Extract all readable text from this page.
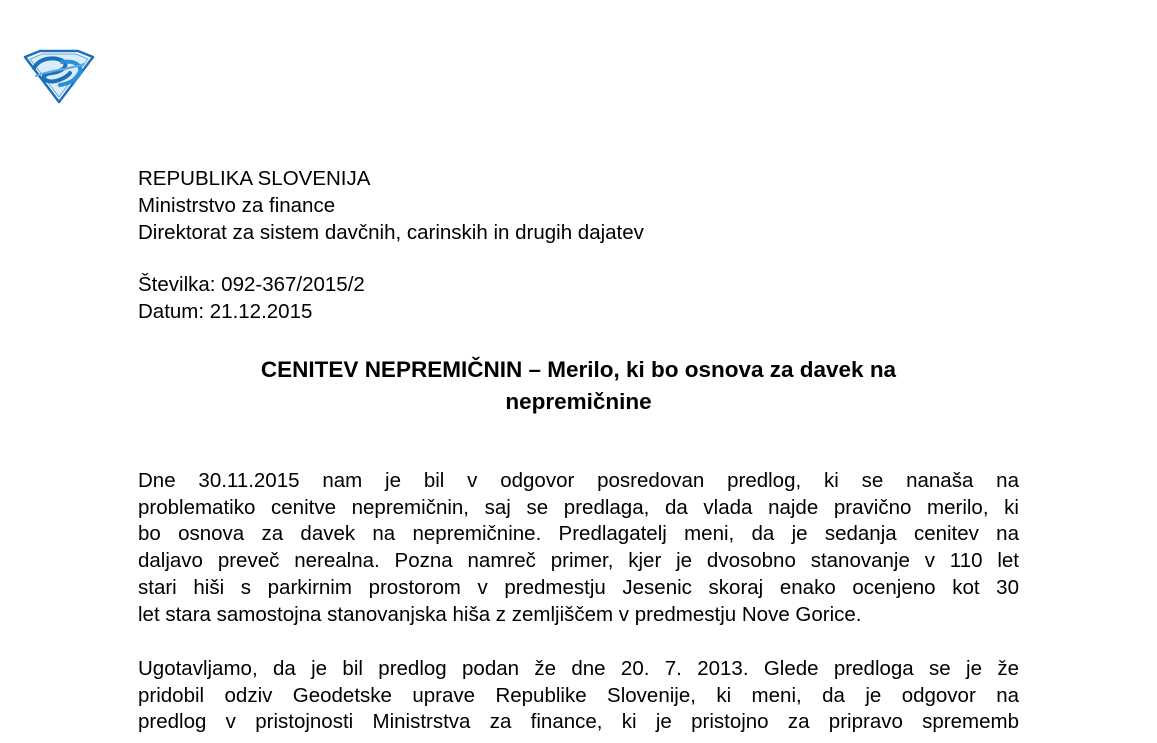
REPUBLIKA SLOVENIJA
Ministrstvo za finance
Direktorat za sistem davčnih, carinskih in drugih dajatev
Številka: 092-367/2015/2
Datum: 21.12.2015
CENITEV NEPREMIČNIN – Merilo, ki bo osnova za davek na
nepremičnine
Dne 30.11.2015 nam je bil v odgovor posredovan predlog, ki se nanaša na
problematiko cenitve nepremičnin, saj se predlaga, da vlada najde pravično merilo, ki
bo osnova za davek na nepremičnine. Predlagatelj meni, da je sedanja cenitev na
daljavo preveč nerealna. Pozna namreč primer, kjer je dvosobno stanovanje v 110 let
stari hiši s parkirnim prostorom v predmestju Jesenic skoraj enako ocenjeno kot 30
let stara samostojna stanovanjska hiša z zemljiščem v predmestju Nove Gorice.
Ugotavljamo, da je bil predlog podan že dne 20. 7. 2013. Glede predloga se je že
pridobil odziv Geodetske uprave Republike Slovenije, ki meni, da je odgovor na
predlog v pristojnosti Ministrstva za finance, ki je pristojno za pripravo sprememb
